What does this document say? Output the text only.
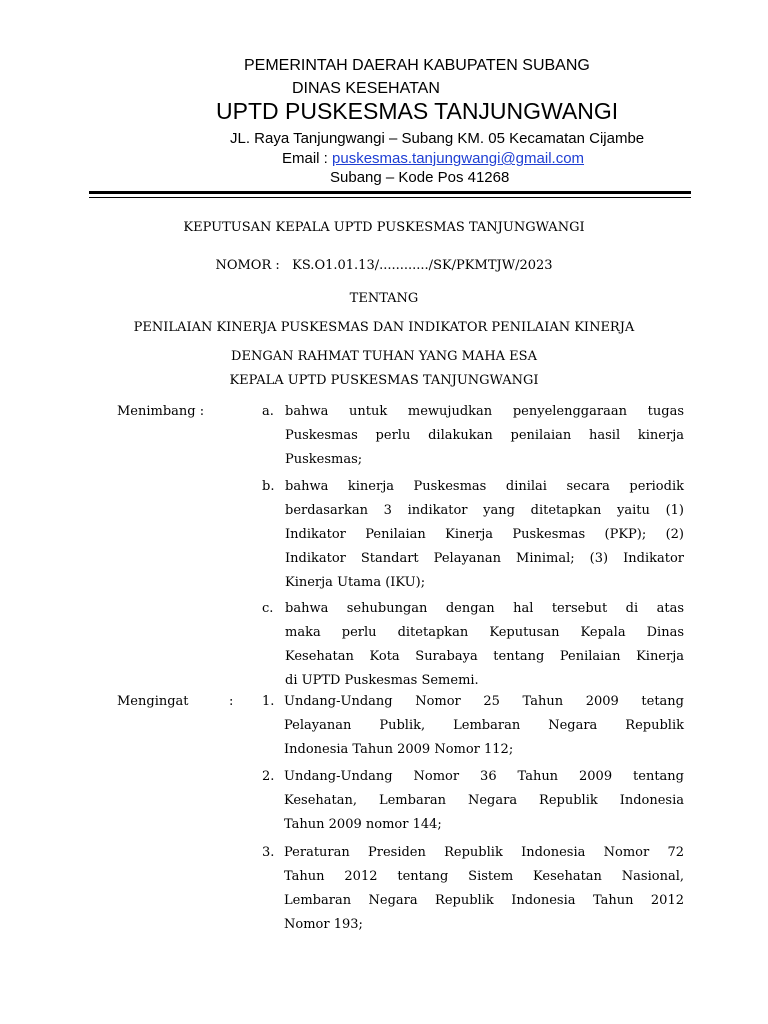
PEMERINTAH DAERAH KABUPATEN SUBANG
DINAS KESEHATAN
UPTD PUSKESMAS TANJUNGWANGI
JL. Raya Tanjungwangi – Subang KM. 05 Kecamatan Cijambe
Email : puskesmas.tanjungwangi@gmail.com
Subang – Kode Pos 41268
KEPUTUSAN KEPALA UPTD PUSKESMAS TANJUNGWANGI
NOMOR :   KS.O1.01.13/............/SK/PKMTJW/2023
TENTANG
PENILAIAN KINERJA PUSKESMAS DAN INDIKATOR PENILAIAN KINERJA
DENGAN RAHMAT TUHAN YANG MAHA ESA
KEPALA UPTD PUSKESMAS TANJUNGWANGI
Menimbang :	a. bahwa untuk mewujudkan penyelenggaraan tugas
Puskesmas perlu dilakukan penilaian hasil kinerja
Puskesmas;
b. bahwa kinerja Puskesmas dinilai secara periodik
berdasarkan 3 indikator yang ditetapkan yaitu (1)
Indikator Penilaian Kinerja Puskesmas (PKP); (2)
Indikator Standart Pelayanan Minimal; (3) Indikator
Kinerja Utama (IKU);
c. bahwa sehubungan dengan hal tersebut di atas
maka perlu ditetapkan Keputusan Kepala Dinas
Kesehatan Kota Surabaya tentang Penilaian Kinerja
di UPTD Puskesmas Sememi.
Mengingat	: 1. Undang-Undang Nomor 25 Tahun 2009 tetang
Pelayanan Publik, Lembaran Negara Republik
Indonesia Tahun 2009 Nomor 112;
2. Undang-Undang Nomor 36 Tahun 2009 tentang
Kesehatan, Lembaran Negara Republik Indonesia
Tahun 2009 nomor 144;
3. Peraturan Presiden Republik Indonesia Nomor 72
Tahun 2012 tentang Sistem Kesehatan Nasional,
Lembaran Negara Republik Indonesia Tahun 2012
Nomor 193;
